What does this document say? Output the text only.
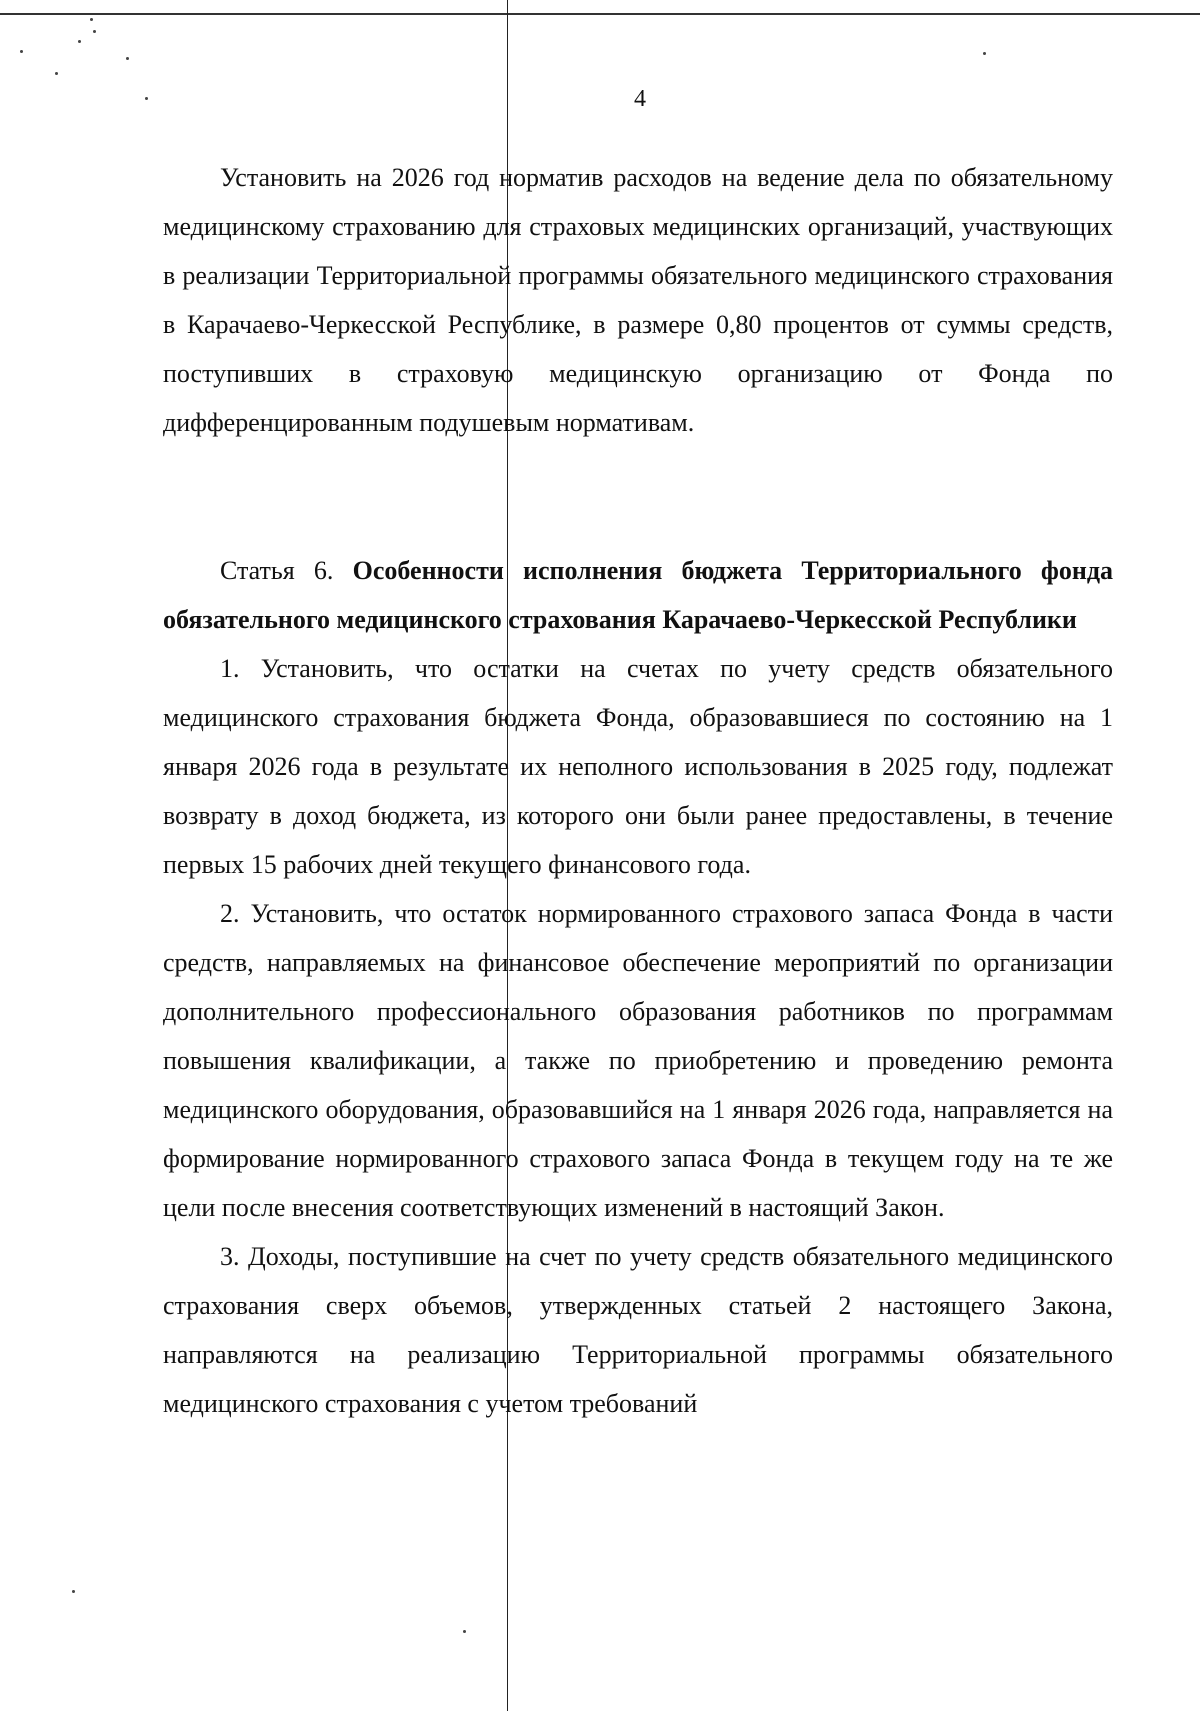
4

Установить на 2026 год норматив расходов на ведение дела по обязательному медицинскому страхованию для страховых медицинских организаций, участвующих в реализации Территориальной программы обязательного медицинского страхования в Карачаево-Черкесской Республике, в размере 0,80 процентов от суммы средств, поступивших в страховую медицинскую организацию от Фонда по дифференцированным подушевым нормативам.

Статья 6. Особенности исполнения бюджета Территориального фонда обязательного медицинского страхования Карачаево-Черкесской Республики

1. Установить, что остатки на счетах по учету средств обязательного медицинского страхования бюджета Фонда, образовавшиеся по состоянию на 1 января 2026 года в результате их неполного использования в 2025 году, подлежат возврату в доход бюджета, из которого они были ранее предоставлены, в течение первых 15 рабочих дней текущего финансового года.

2. Установить, что остаток нормированного страхового запаса Фонда в части средств, направляемых на финансовое обеспечение мероприятий по организации дополнительного профессионального образования работников по программам повышения квалификации, а также по приобретению и проведению ремонта медицинского оборудования, образовавшийся на 1 января 2026 года, направляется на формирование нормированного страхового запаса Фонда в текущем году на те же цели после внесения соответствующих изменений в настоящий Закон.

3. Доходы, поступившие на счет по учету средств обязательного медицинского страхования сверх объемов, утвержденных статьей 2 настоящего Закона, направляются на реализацию Территориальной программы обязательного медицинского страхования с учетом требований
